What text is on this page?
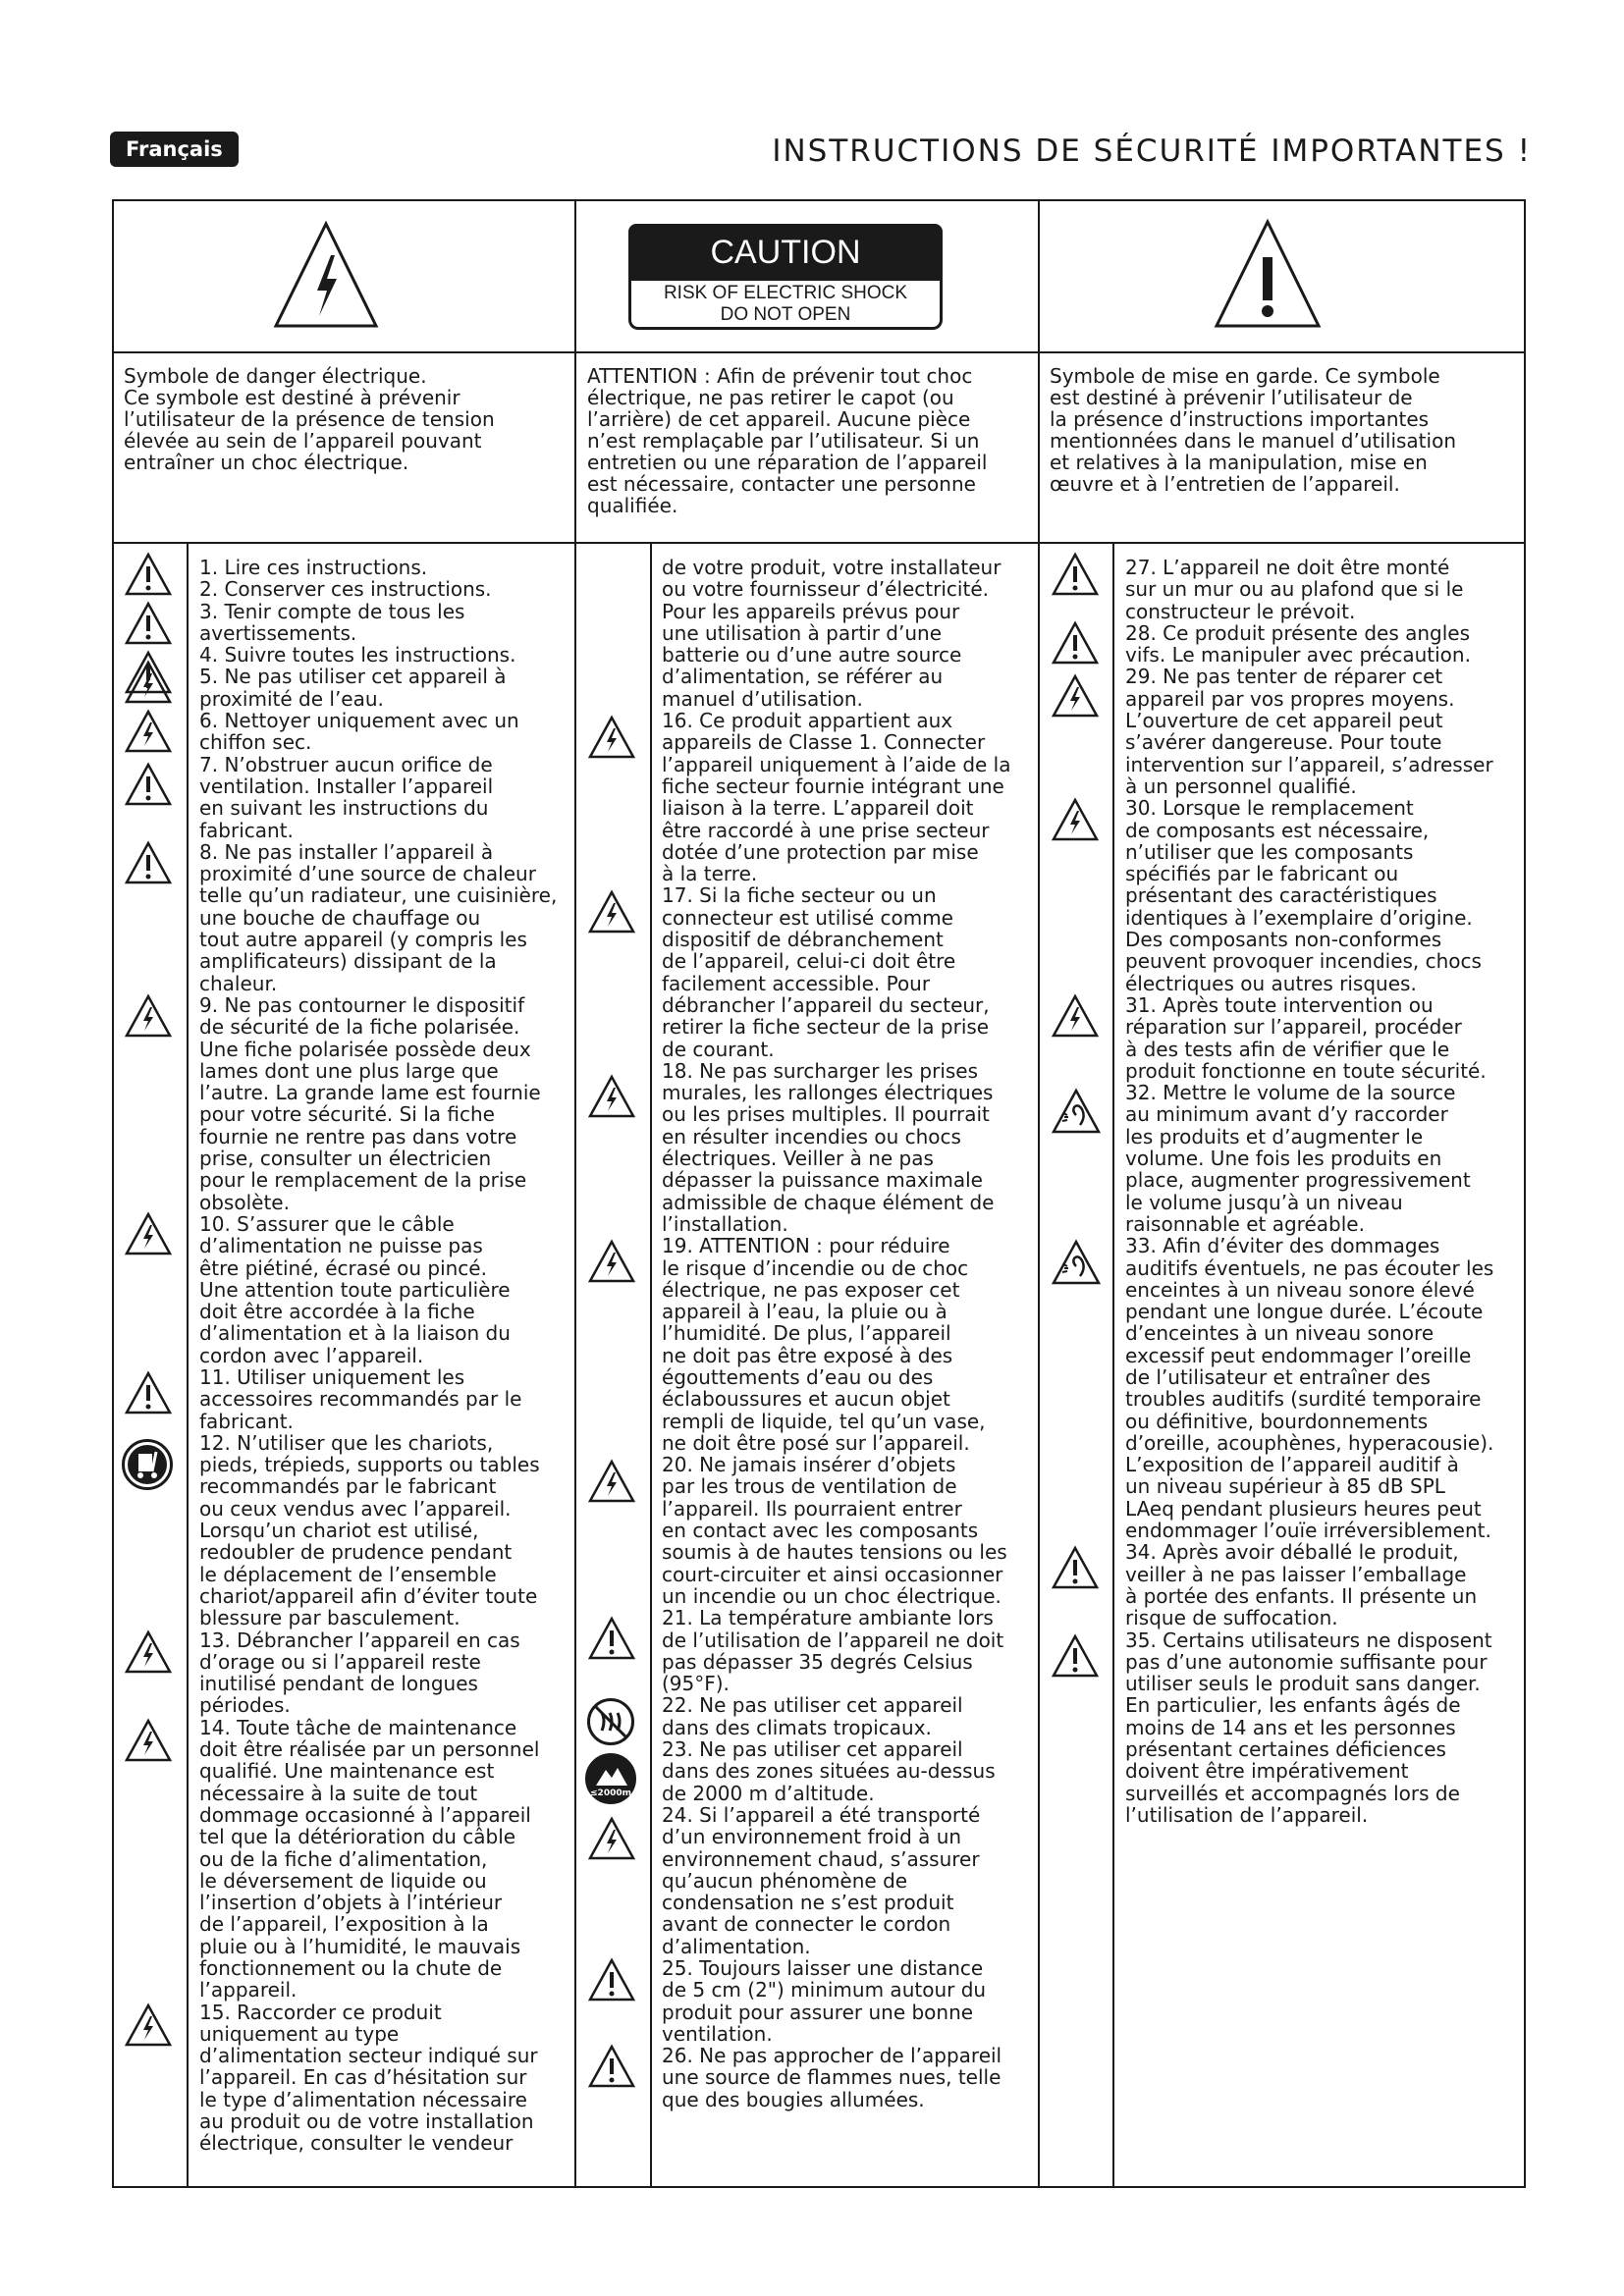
Français	INSTRUCTIONS DE SÉCURITÉ IMPORTANTES !
CAUTION
RISK OF ELECTRIC SHOCK
DO NOT OPEN
Symbole de danger électrique.
Ce symbole est destiné à prévenir
l’utilisateur de la présence de tension
élevée au sein de l’appareil pouvant
entraîner un choc électrique.
ATTENTION : Afin de prévenir tout choc
électrique, ne pas retirer le capot (ou
l’arrière) de cet appareil. Aucune pièce
n’est remplaçable par l’utilisateur. Si un
entretien ou une réparation de l’appareil
est nécessaire, contacter une personne
qualifiée.
Symbole de mise en garde. Ce symbole
est destiné à prévenir l’utilisateur de
la présence d’instructions importantes
mentionnées dans le manuel d’utilisation
et relatives à la manipulation, mise en
œuvre et à l’entretien de l’appareil.
1. Lire ces instructions.
2. Conserver ces instructions.
3. Tenir compte de tous les
avertissements.
4. Suivre toutes les instructions.
5. Ne pas utiliser cet appareil à
proximité de l’eau.
6. Nettoyer uniquement avec un
chiffon sec.
7. N’obstruer aucun orifice de
ventilation. Installer l’appareil
en suivant les instructions du
fabricant.
8. Ne pas installer l’appareil à
proximité d’une source de chaleur
telle qu’un radiateur, une cuisinière,
une bouche de chauffage ou
tout autre appareil (y compris les
amplificateurs) dissipant de la
chaleur.
9. Ne pas contourner le dispositif
de sécurité de la fiche polarisée.
Une fiche polarisée possède deux
lames dont une plus large que
l’autre. La grande lame est fournie
pour votre sécurité. Si la fiche
fournie ne rentre pas dans votre
prise, consulter un électricien
pour le remplacement de la prise
obsolète.
10. S’assurer que le câble
d’alimentation ne puisse pas
être piétiné, écrasé ou pincé.
Une attention toute particulière
doit être accordée à la fiche
d’alimentation et à la liaison du
cordon avec l’appareil.
11. Utiliser uniquement les
accessoires recommandés par le
fabricant.
12. N’utiliser que les chariots,
pieds, trépieds, supports ou tables
recommandés par le fabricant
ou ceux vendus avec l’appareil.
Lorsqu’un chariot est utilisé,
redoubler de prudence pendant
le déplacement de l’ensemble
chariot/appareil afin d’éviter toute
blessure par basculement.
13. Débrancher l’appareil en cas
d’orage ou si l’appareil reste
inutilisé pendant de longues
périodes.
14. Toute tâche de maintenance
doit être réalisée par un personnel
qualifié. Une maintenance est
nécessaire à la suite de tout
dommage occasionné à l’appareil
tel que la détérioration du câble
ou de la fiche d’alimentation,
le déversement de liquide ou
l’insertion d’objets à l’intérieur
de l’appareil, l’exposition à la
pluie ou à l’humidité, le mauvais
fonctionnement ou la chute de
l’appareil.
15. Raccorder ce produit
uniquement au type
d’alimentation secteur indiqué sur
l’appareil. En cas d’hésitation sur
le type d’alimentation nécessaire
au produit ou de votre installation
électrique, consulter le vendeur
de votre produit, votre installateur
ou votre fournisseur d’électricité.
Pour les appareils prévus pour
une utilisation à partir d’une
batterie ou d’une autre source
d’alimentation, se référer au
manuel d’utilisation.
16. Ce produit appartient aux
appareils de Classe 1. Connecter
l’appareil uniquement à l’aide de la
fiche secteur fournie intégrant une
liaison à la terre. L’appareil doit
être raccordé à une prise secteur
dotée d’une protection par mise
à la terre.
17. Si la fiche secteur ou un
connecteur est utilisé comme
dispositif de débranchement
de l’appareil, celui-ci doit être
facilement accessible. Pour
débrancher l’appareil du secteur,
retirer la fiche secteur de la prise
de courant.
18. Ne pas surcharger les prises
murales, les rallonges électriques
ou les prises multiples. Il pourrait
en résulter incendies ou chocs
électriques. Veiller à ne pas
dépasser la puissance maximale
admissible de chaque élément de
l’installation.
19. ATTENTION : pour réduire
le risque d’incendie ou de choc
électrique, ne pas exposer cet
appareil à l’eau, la pluie ou à
l’humidité. De plus, l’appareil
ne doit pas être exposé à des
égouttements d’eau ou des
éclaboussures et aucun objet
rempli de liquide, tel qu’un vase,
ne doit être posé sur l’appareil.
20. Ne jamais insérer d’objets
par les trous de ventilation de
l’appareil. Ils pourraient entrer
en contact avec les composants
soumis à de hautes tensions ou les
court-circuiter et ainsi occasionner
un incendie ou un choc électrique.
21. La température ambiante lors
de l’utilisation de l’appareil ne doit
pas dépasser 35 degrés Celsius
(95°F).
22. Ne pas utiliser cet appareil
dans des climats tropicaux.
23. Ne pas utiliser cet appareil
dans des zones situées au-dessus
de 2000 m d’altitude.
24. Si l’appareil a été transporté
d’un environnement froid à un
environnement chaud, s’assurer
qu’aucun phénomène de
condensation ne s’est produit
avant de connecter le cordon
d’alimentation.
25. Toujours laisser une distance
de 5 cm (2") minimum autour du
produit pour assurer une bonne
ventilation.
26. Ne pas approcher de l’appareil
une source de flammes nues, telle
que des bougies allumées.
27. L’appareil ne doit être monté
sur un mur ou au plafond que si le
constructeur le prévoit.
28. Ce produit présente des angles
vifs. Le manipuler avec précaution.
29. Ne pas tenter de réparer cet
appareil par vos propres moyens.
L’ouverture de cet appareil peut
s’avérer dangereuse. Pour toute
intervention sur l’appareil, s’adresser
à un personnel qualifié.
30. Lorsque le remplacement
de composants est nécessaire,
n’utiliser que les composants
spécifiés par le fabricant ou
présentant des caractéristiques
identiques à l’exemplaire d’origine.
Des composants non-conformes
peuvent provoquer incendies, chocs
électriques ou autres risques.
31. Après toute intervention ou
réparation sur l’appareil, procéder
à des tests afin de vérifier que le
produit fonctionne en toute sécurité.
32. Mettre le volume de la source
au minimum avant d’y raccorder
les produits et d’augmenter le
volume. Une fois les produits en
place, augmenter progressivement
le volume jusqu’à un niveau
raisonnable et agréable.
33. Afin d’éviter des dommages
auditifs éventuels, ne pas écouter les
enceintes à un niveau sonore élevé
pendant une longue durée. L’écoute
d’enceintes à un niveau sonore
excessif peut endommager l’oreille
de l’utilisateur et entraîner des
troubles auditifs (surdité temporaire
ou définitive, bourdonnements
d’oreille, acouphènes, hyperacousie).
L’exposition de l’appareil auditif à
un niveau supérieur à 85 dB SPL
LAeq pendant plusieurs heures peut
endommager l’ouïe irréversiblement.
34. Après avoir déballé le produit,
veiller à ne pas laisser l’emballage
à portée des enfants. Il présente un
risque de suffocation.
35. Certains utilisateurs ne disposent
pas d’une autonomie suffisante pour
utiliser seuls le produit sans danger.
En particulier, les enfants âgés de
moins de 14 ans et les personnes
présentant certaines déficiences
doivent être impérativement
surveillés et accompagnés lors de
l’utilisation de l’appareil.
≤2000m
